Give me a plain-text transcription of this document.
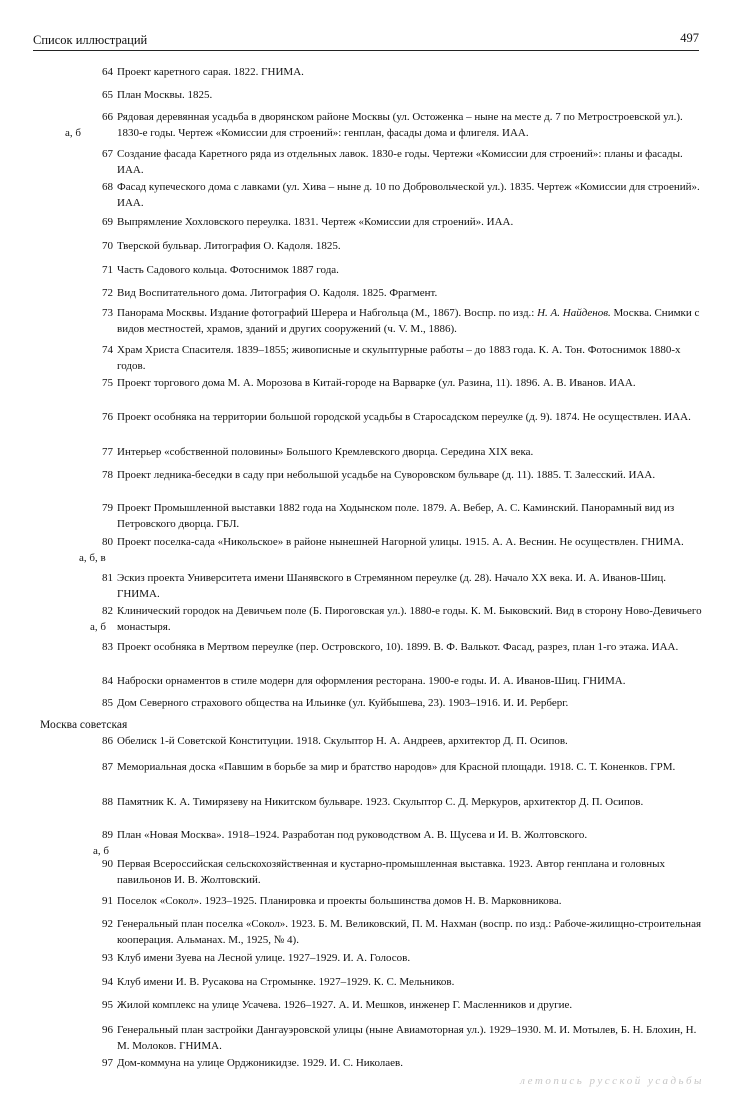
Список иллюстраций	497
64 Проект каретного сарая. 1822. ГНИМА.
65 План Москвы. 1825.
66
а, б
Рядовая деревянная усадьба в дворянском районе Москвы (ул. Остоженка – ныне на месте д. 7 по Метростроевской ул.). 1830-е годы. Чертеж «Комиссии для строений»: генплан, фасады дома и флигеля. ИАА.
67 Создание фасада Каретного ряда из отдельных лавок. 1830-е годы. Чертежи «Комиссии для строений»: планы и фасады. ИАА.
68 Фасад купеческого дома с лавками (ул. Хива – ныне д. 10 по Добровольческой ул.). 1835. Чертеж «Комиссии для строений». ИАА.
69 Выпрямление Хохловского переулка. 1831. Чертеж «Комиссии для строений». ИАА.
70 Тверской бульвар. Литография О. Кадоля. 1825.
71 Часть Садового кольца. Фотоснимок 1887 года.
72 Вид Воспитательного дома. Литография О. Кадоля. 1825. Фрагмент.
73 Панорама Москвы. Издание фотографий Шерера и Набгольца (М., 1867). Воспр. по изд.: Н. А. Найденов. Москва. Снимки с видов местностей, храмов, зданий и других сооружений (ч. V. М., 1886).
74 Храм Христа Спасителя. 1839–1855; живописные и скульптурные работы – до 1883 года. К. А. Тон. Фотоснимок 1880-х годов.
75 Проект торгового дома М. А. Морозова в Китай-городе на Варварке (ул. Разина, 11). 1896. А. В. Иванов. ИАА.
76 Проект особняка на территории большой городской усадьбы в Старосадском переулке (д. 9). 1874. Не осуществлен. ИАА.
77 Интерьер «собственной половины» Большого Кремлевского дворца. Середина XIX века.
78 Проект ледника-беседки в саду при небольшой усадьбе на Суворовском бульваре (д. 11). 1885. Т. Залесский. ИАА.
79 Проект Промышленной выставки 1882 года на Ходынском поле. 1879. А. Вебер, А. С. Каминский. Панорамный вид из Петровского дворца. ГБЛ.
80
а, б, в
Проект поселка-сада «Никольское» в районе нынешней Нагорной улицы. 1915. А. А. Веснин. Не осуществлен. ГНИМА.
81 Эскиз проекта Университета имени Шанявского в Стремянном переулке (д. 28). Начало XX века. И. А. Иванов-Шиц. ГНИМА.
82
а, б
Клинический городок на Девичьем поле (Б. Пироговская ул.). 1880-е годы. К. М. Быковский. Вид в сторону Ново-Девичьего монастыря.
83 Проект особняка в Мертвом переулке (пер. Островского, 10). 1899. В. Ф. Валькот. Фасад, разрез, план 1-го этажа. ИАА.
84 Наброски орнаментов в стиле модерн для оформления ресторана. 1900-е годы. И. А. Иванов-Шиц. ГНИМА.
85 Дом Северного страхового общества на Ильинке (ул. Куйбышева, 23). 1903–1916. И. И. Рерберг.
Москва советская
86 Обелиск 1-й Советской Конституции. 1918. Скульптор Н. А. Андреев, архитектор Д. П. Осипов.
87 Мемориальная доска «Павшим в борьбе за мир и братство народов» для Красной площади. 1918. С. Т. Коненков. ГРМ.
88 Памятник К. А. Тимирязеву на Никитском бульваре. 1923. Скульптор С. Д. Меркуров, архитектор Д. П. Осипов.
89
а, б
План «Новая Москва». 1918–1924. Разработан под руководством А. В. Щусева и И. В. Жолтовского.
90 Первая Всероссийская сельскохозяйственная и кустарно-промышленная выставка. 1923. Автор генплана и головных павильонов И. В. Жолтовский.
91 Поселок «Сокол». 1923–1925. Планировка и проекты большинства домов Н. В. Марковникова.
92 Генеральный план поселка «Сокол». 1923. Б. М. Великовский, П. М. Нахман (воспр. по изд.: Рабоче-жилищно-строительная кооперация. Альманах. М., 1925, № 4).
93 Клуб имени Зуева на Лесной улице. 1927–1929. И. А. Голосов.
94 Клуб имени И. В. Русакова на Стромынке. 1927–1929. К. С. Мельников.
95 Жилой комплекс на улице Усачева. 1926–1927. А. И. Мешков, инженер Г. Масленников и другие.
96 Генеральный план застройки Дангауэровской улицы (ныне Авиамоторная ул.). 1929–1930. М. И. Мотылев, Б. Н. Блохин, Н. М. Молоков. ГНИМА.
97 Дом-коммуна на улице Орджоникидзе. 1929. И. С. Николаев.
летопись русской усадьбы
